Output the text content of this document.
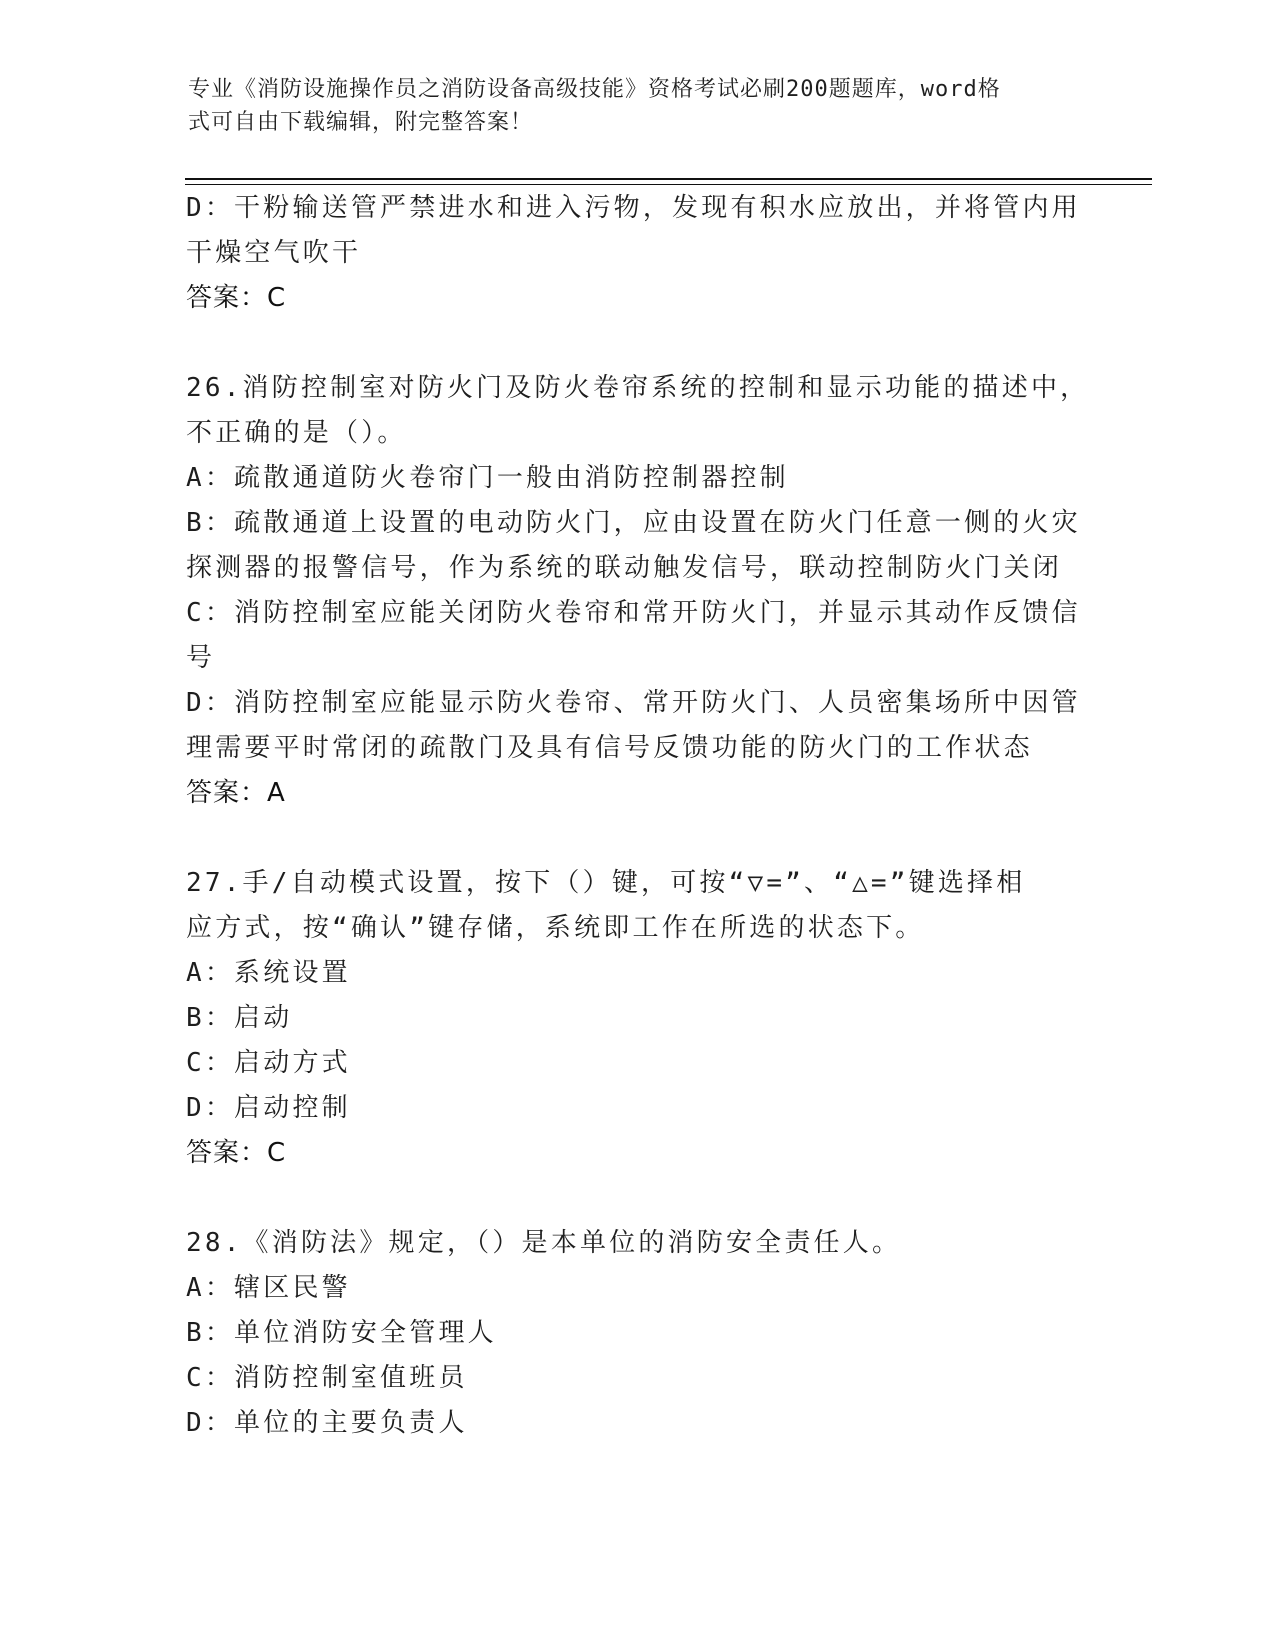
专业《消防设施操作员之消防设备高级技能》资格考试必刷200题题库，word格
式可自由下载编辑，附完整答案！
D：干粉输送管严禁进水和进入污物，发现有积水应放出，并将管内用
干燥空气吹干
答案：C
26.消防控制室对防火门及防火卷帘系统的控制和显示功能的描述中，
不正确的是（）。
A：疏散通道防火卷帘门一般由消防控制器控制
B：疏散通道上设置的电动防火门，应由设置在防火门任意一侧的火灾
探测器的报警信号，作为系统的联动触发信号，联动控制防火门关闭
C：消防控制室应能关闭防火卷帘和常开防火门，并显示其动作反馈信
号
D：消防控制室应能显示防火卷帘、常开防火门、人员密集场所中因管
理需要平时常闭的疏散门及具有信号反馈功能的防火门的工作状态
答案：A
27.手/自动模式设置，按下（）键，可按“▽=”、“△=”键选择相
应方式，按“确认”键存储，系统即工作在所选的状态下。
A：系统设置
B：启动
C：启动方式
D：启动控制
答案：C
28.《消防法》规定，（）是本单位的消防安全责任人。
A：辖区民警
B：单位消防安全管理人
C：消防控制室值班员
D：单位的主要负责人
